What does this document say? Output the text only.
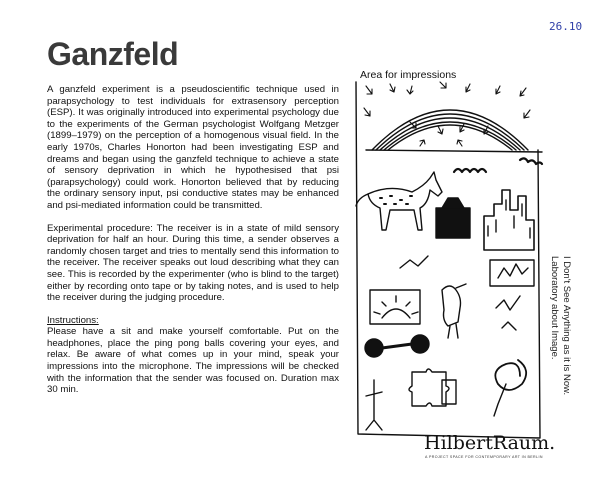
Ganzfeld
26.10

A ganzfeld experiment is a pseudoscientific technique used in parapsychology to test individuals for extrasensory perception (ESP). It was originally introduced into experimental psychology due to the experiments of the German psychologist Wolfgang Metzger (1899–1979) on the perception of a homogenous visual field. In the early 1970s, Charles Honorton had been investigating ESP and dreams and began using the ganzfeld technique to achieve a state of sensory deprivation in which he hypothesised that psi (parapsychology) could work. Honorton believed that by reducing the ordinary sensory input, psi conductive states may be enhanced and psi-mediated information could be transmitted.

Experimental procedure: The receiver is in a state of mild sensory deprivation for half an hour. During this time, a sender observes a randomly chosen target and tries to mentally send this information to the receiver. The receiver speaks out loud describing what they can see. This is recorded by the experimenter (who is blind to the target) either by recording onto tape or by taking notes, and is used to help the receiver during the judging procedure.

Instructions:

Please have a sit and make yourself comfortable. Put on the headphones, place the ping pong balls covering your eyes, and relax. Be aware of what comes up in your mind, speak your impressions into the microphone. The impressions will be checked with the information that the sender was focused on. Duration max 30 min.

Area for impressions
I Don't See Anything as it is Now.
Laboratory about Image.
HilbertRaum.
A PROJECT SPACE FOR CONTEMPORARY ART IN BERLIN
